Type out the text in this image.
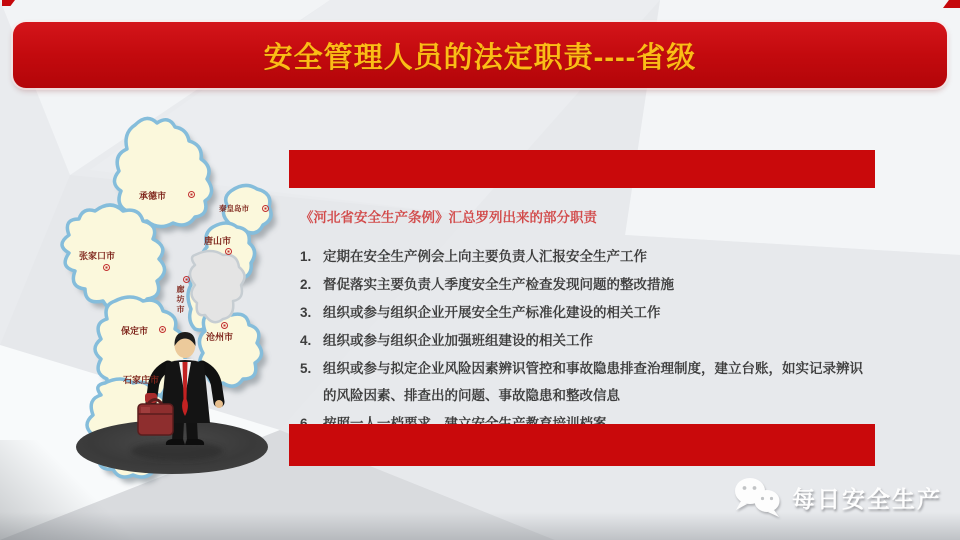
安全管理人员的法定职责----省级
承德市
秦皇岛市
唐山市
张家口市
廊坊市
保定市
沧州市
石家庄市
《河北省安全生产条例》汇总罗列出来的部分职责
1. 定期在安全生产例会上向主要负责人汇报安全生产工作
2. 督促落实主要负责人季度安全生产检查发现问题的整改措施
3. 组织或参与组织企业开展安全生产标准化建设的相关工作
4. 组织或参与组织企业加强班组建设的相关工作
5. 组织或参与拟定企业风险因素辨识管控和事故隐患排查治理制度，建立台账，如实记录辨识的风险因素、排查出的问题、事故隐患和整改信息
每日安全生产
